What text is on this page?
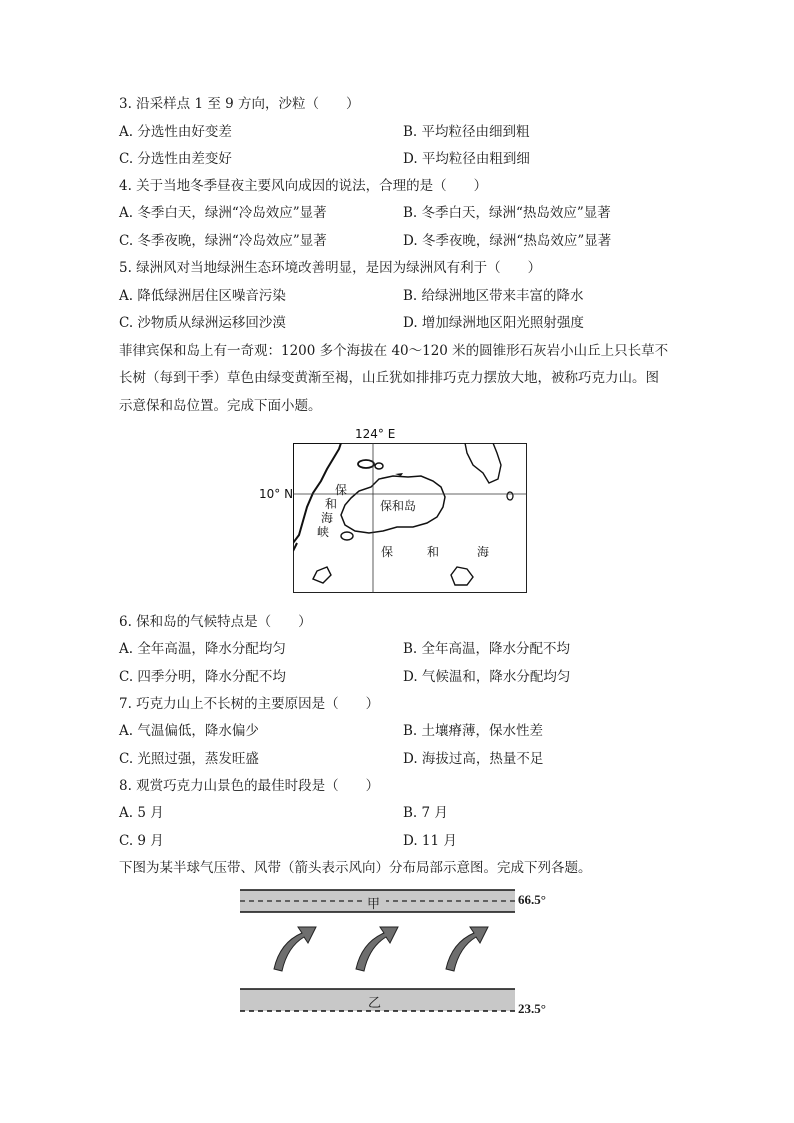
3. 沿采样点 1 至 9 方向，沙粒（　　）
A. 分选性由好变差	B. 平均粒径由细到粗
C. 分选性由差变好	D. 平均粒径由粗到细
4. 关于当地冬季昼夜主要风向成因的说法，合理的是（　　）
A. 冬季白天，绿洲“冷岛效应”显著	B. 冬季白天，绿洲“热岛效应”显著
C. 冬季夜晚，绿洲“冷岛效应”显著	D. 冬季夜晚，绿洲“热岛效应”显著
5. 绿洲风对当地绿洲生态环境改善明显，是因为绿洲风有利于（　　）
A. 降低绿洲居住区噪音污染	B. 给绿洲地区带来丰富的降水
C. 沙物质从绿洲运移回沙漠	D. 增加绿洲地区阳光照射强度
菲律宾保和岛上有一奇观：1200 多个海拔在 40～120 米的圆锥形石灰岩小山丘上只长草不
长树（每到干季）草色由绿变黄渐至褐，山丘犹如排排巧克力摆放大地，被称巧克力山。图
示意保和岛位置。完成下面小题。
124° E
10° N
保和岛
保
和
海
峡
保	和	海
6. 保和岛的气候特点是（　　）
A. 全年高温，降水分配均匀	B. 全年高温，降水分配不均
C. 四季分明，降水分配不均	D. 气候温和，降水分配均匀
7. 巧克力山上不长树的主要原因是（　　）
A. 气温偏低，降水偏少	B. 土壤瘠薄，保水性差
C. 光照过强，蒸发旺盛	D. 海拔过高，热量不足
8. 观赏巧克力山景色的最佳时段是（　　）
A. 5 月	B. 7 月
C. 9 月	D. 11 月
下图为某半球气压带、风带（箭头表示风向）分布局部示意图。完成下列各题。
甲
乙
66.5°
23.5°
